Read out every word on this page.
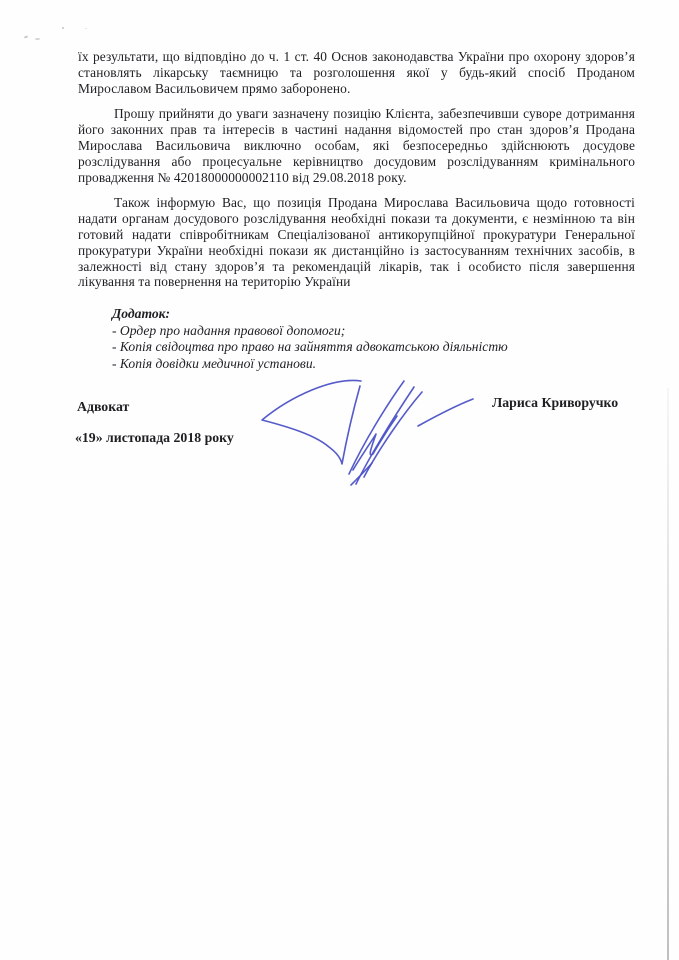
їх результати, що відповдіно до ч. 1 ст. 40 Основ законодавства України про охорону здоров’я становлять лікарську таємницю та розголошення якої у будь-який спосіб Проданом Мирославом Васильовичем прямо заборонено.

Прошу прийняти до уваги зазначену позицію Клієнта, забезпечивши суворе дотримання його законних прав та інтересів в частині надання відомостей про стан здоров’я Продана Мирослава Васильовича виключно особам, які безпосередньо здійснюють досудове розслідування або процесуальне керівництво досудовим розслідуванням кримінального провадження № 42018000000002110 від 29.08.2018 року.

Також інформую Вас, що позиція Продана Мирослава Васильовича щодо готовності надати органам досудового розслідування необхідні покази та документи, є незмінною та він готовий надати співробітникам Спеціалізованої антикорупційної прокуратури Генеральної прокуратури України необхідні покази як дистанційно із застосуванням технічних засобів, в залежності від стану здоров’я та рекомендацій лікарів, так і особисто після завершення лікування та повернення на територію України

Додаток:
- Ордер про надання правової допомоги;
- Копія свідоцтва про право на зайняття адвокатською діяльністю
- Копія довідки медичної установи.
Адвокат	Лариса Криворучко
«19» листопада 2018 року
